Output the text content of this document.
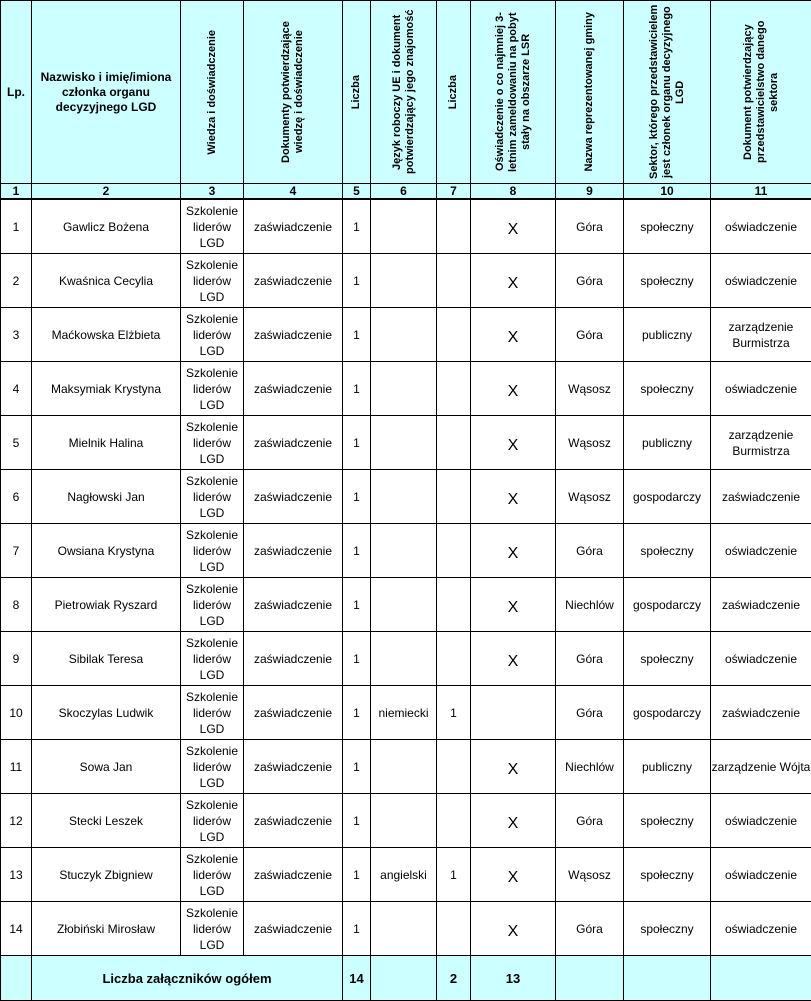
Lp.	Nazwisko i imię/imiona członka organu decyzyjnego LGD	Wiedza i doświadczenie	Dokumenty potwierdzające wiedzę i doświadczenie	Liczba	Język roboczy UE i dokument potwierdzający jego znajomość	Liczba	Oświadczenie o co najmniej 3-letnim zameldowaniu na pobyt stały na obszarze LSR	Nazwa reprezentowanej gminy	Sektor, którego przedstawicielem jest członek organu decyzyjnego LGD	Dokument potwierdzający przedstawicielstwo danego sektora

1	2	3	4	5	6	7	8	9	10	11
1	Gawlicz Bożena	Szkolenie liderów LGD	zaświadczenie	1			X	Góra	społeczny	oświadczenie
2	Kwaśnica Cecylia	Szkolenie liderów LGD	zaświadczenie	1			X	Góra	społeczny	oświadczenie
3	Maćkowska Elżbieta	Szkolenie liderów LGD	zaświadczenie	1			X	Góra	publiczny	zarządzenie Burmistrza
4	Maksymiak Krystyna	Szkolenie liderów LGD	zaświadczenie	1			X	Wąsosz	społeczny	oświadczenie
5	Mielnik Halina	Szkolenie liderów LGD	zaświadczenie	1			X	Wąsosz	publiczny	zarządzenie Burmistrza
6	Nagłowski Jan	Szkolenie liderów LGD	zaświadczenie	1			X	Wąsosz	gospodarczy	zaświadczenie
7	Owsiana Krystyna	Szkolenie liderów LGD	zaświadczenie	1			X	Góra	społeczny	oświadczenie
8	Pietrowiak Ryszard	Szkolenie liderów LGD	zaświadczenie	1			X	Niechlów	gospodarczy	zaświadczenie
9	Sibilak Teresa	Szkolenie liderów LGD	zaświadczenie	1			X	Góra	społeczny	oświadczenie
10	Skoczylas Ludwik	Szkolenie liderów LGD	zaświadczenie	1	niemiecki	1		Góra	gospodarczy	zaświadczenie
11	Sowa Jan	Szkolenie liderów LGD	zaświadczenie	1			X	Niechlów	publiczny	zarządzenie Wójta
12	Stecki Leszek	Szkolenie liderów LGD	zaświadczenie	1			X	Góra	społeczny	oświadczenie
13	Stuczyk Zbigniew	Szkolenie liderów LGD	zaświadczenie	1	angielski	1	X	Wąsosz	społeczny	oświadczenie
14	Złobiński Mirosław	Szkolenie liderów LGD	zaświadczenie	1			X	Góra	społeczny	oświadczenie
	Liczba załączników ogółem			14		2	13			
